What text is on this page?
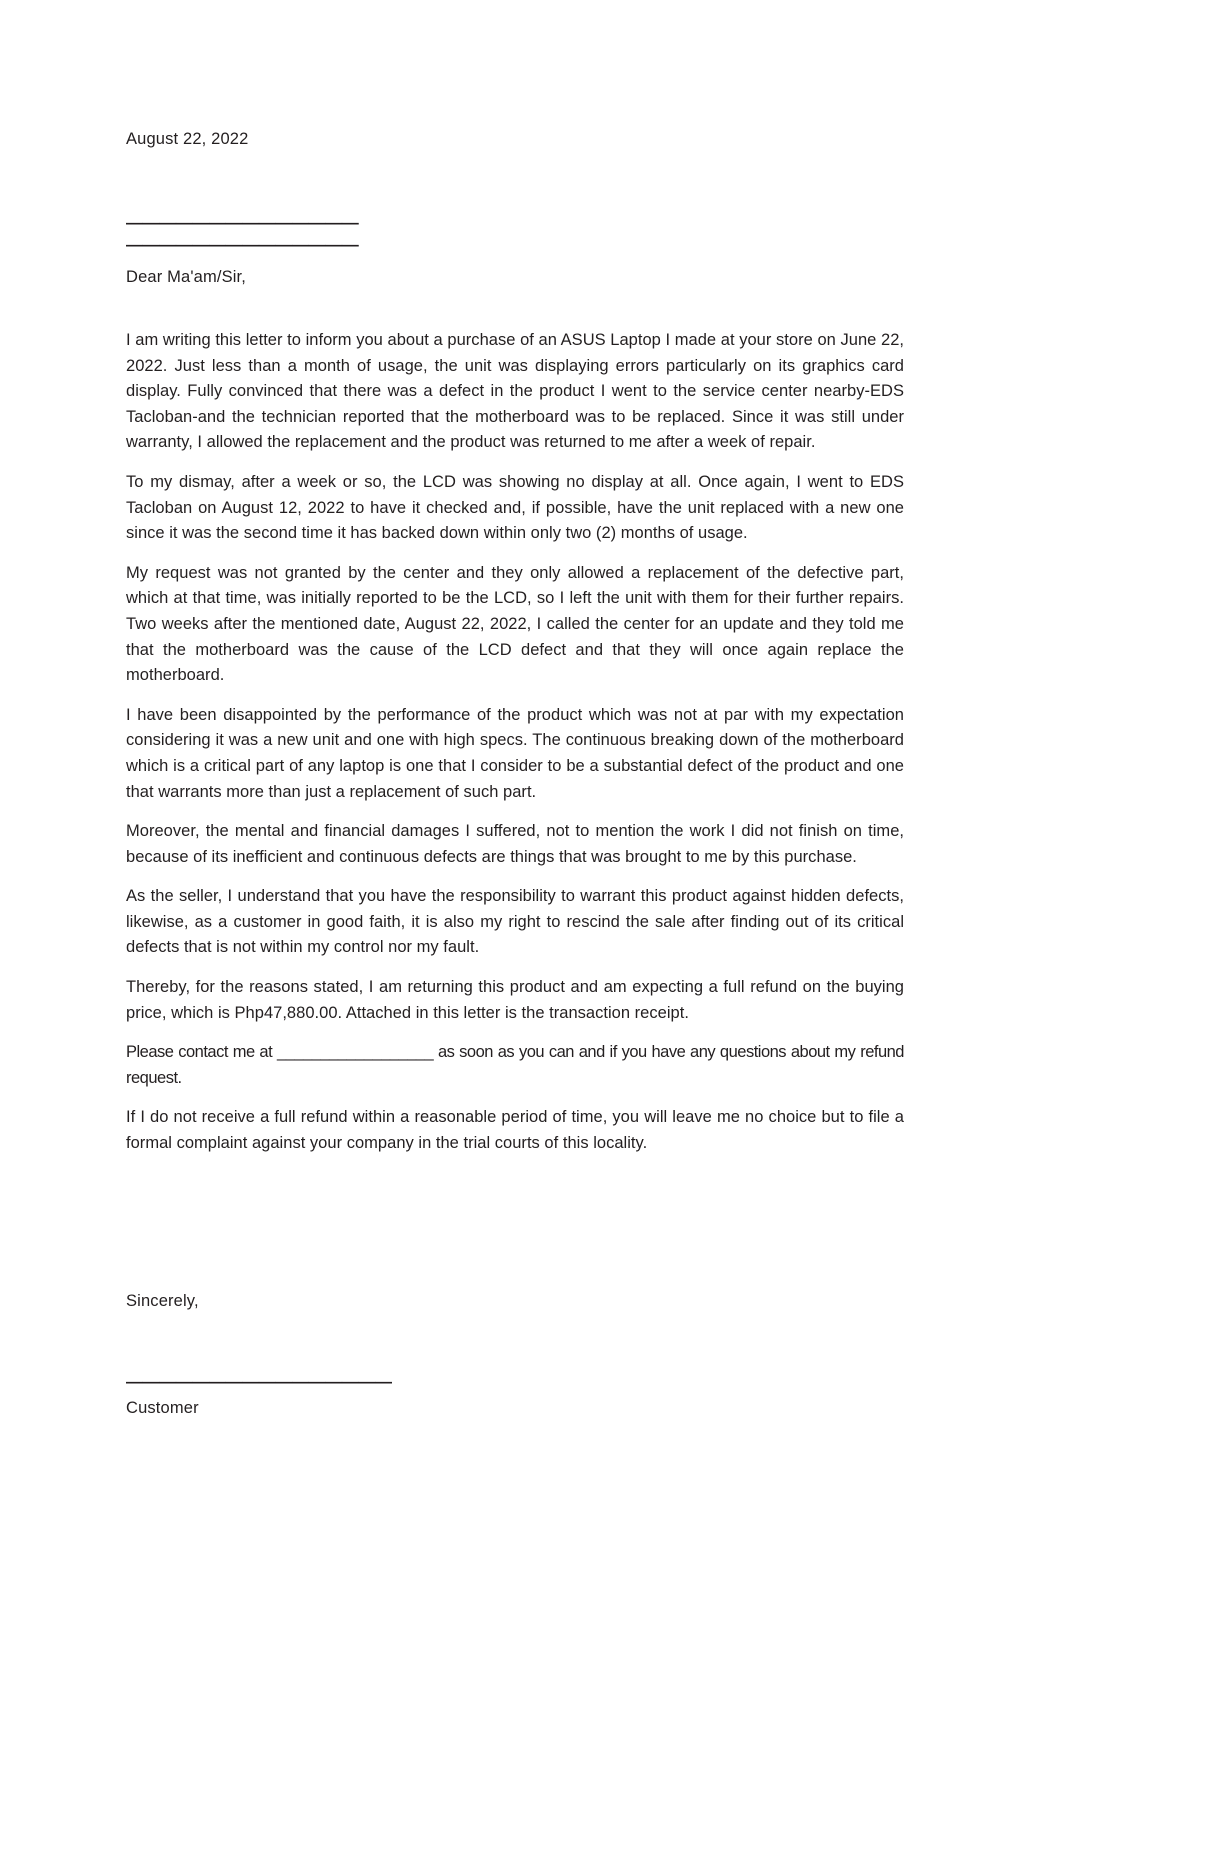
August 22, 2022
——————————————
——————————————
Dear Ma'am/Sir,

I am writing this letter to inform you about a purchase of an ASUS Laptop I made at your store on June 22, 2022. Just less than a month of usage, the unit was displaying errors particularly on its graphics card display. Fully convinced that there was a defect in the product I went to the service center nearby-EDS Tacloban-and the technician reported that the motherboard was to be replaced. Since it was still under warranty, I allowed the replacement and the product was returned to me after a week of repair.

To my dismay, after a week or so, the LCD was showing no display at all. Once again, I went to EDS Tacloban on August 12, 2022 to have it checked and, if possible, have the unit replaced with a new one since it was the second time it has backed down within only two (2) months of usage.

My request was not granted by the center and they only allowed a replacement of the defective part, which at that time, was initially reported to be the LCD, so I left the unit with them for their further repairs. Two weeks after the mentioned date, August 22, 2022, I called the center for an update and they told me that the motherboard was the cause of the LCD defect and that they will once again replace the motherboard.

I have been disappointed by the performance of the product which was not at par with my expectation considering it was a new unit and one with high specs. The continuous breaking down of the motherboard which is a critical part of any laptop is one that I consider to be a substantial defect of the product and one that warrants more than just a replacement of such part.

Moreover, the mental and financial damages I suffered, not to mention the work I did not finish on time, because of its inefficient and continuous defects are things that was brought to me by this purchase.

As the seller, I understand that you have the responsibility to warrant this product against hidden defects, likewise, as a customer in good faith, it is also my right to rescind the sale after finding out of its critical defects that is not within my control nor my fault.

Thereby, for the reasons stated, I am returning this product and am expecting a full refund on the buying price, which is Php47,880.00. Attached in this letter is the transaction receipt.

Please contact me at __________________ as soon as you can and if you have any questions about my refund request.

If I do not receive a full refund within a reasonable period of time, you will leave me no choice but to file a formal complaint against your company in the trial courts of this locality.

Sincerely,
————————————————
Customer
